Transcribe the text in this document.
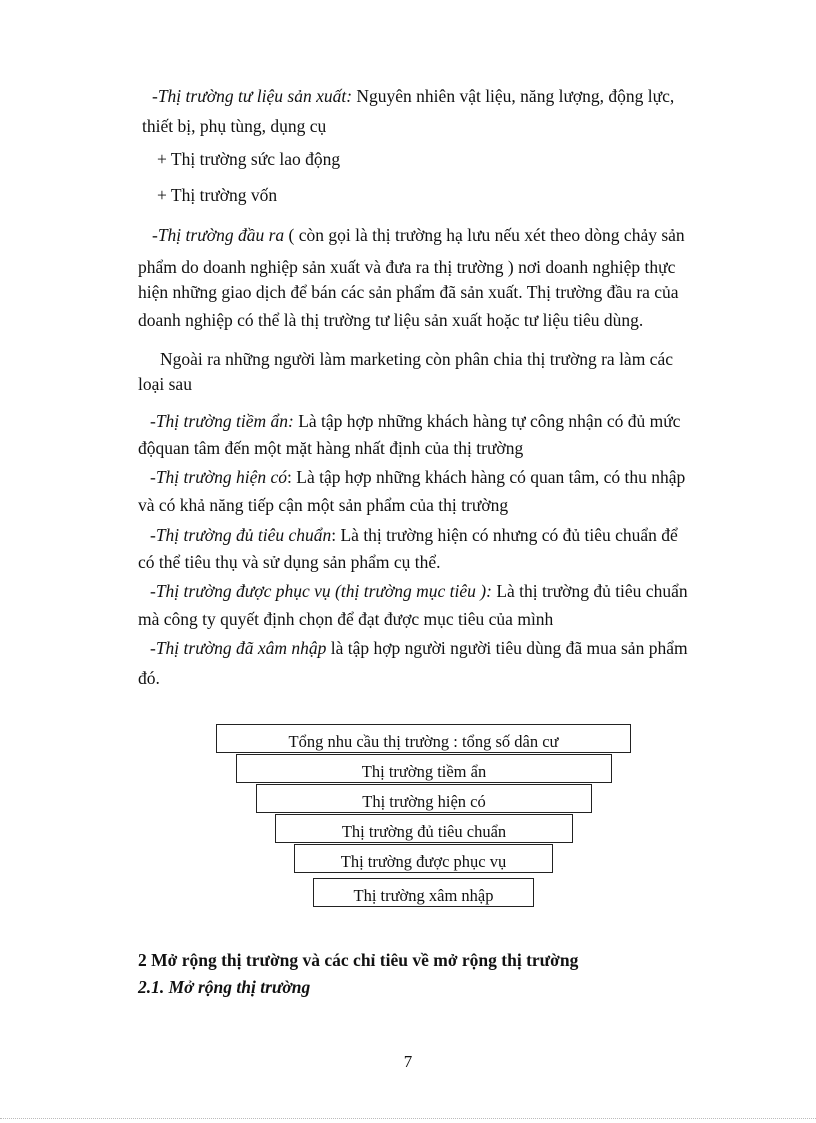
-Thị trường tư liệu sản xuất: Nguyên nhiên vật liệu, năng lượng, động lực,
thiết bị, phụ tùng, dụng cụ
+ Thị trường sức lao động
+ Thị trường vốn
-Thị trường đầu ra ( còn gọi là thị trường hạ lưu nếu xét theo dòng chảy sản
phẩm do doanh nghiệp sản xuất và đưa ra thị trường ) nơi doanh nghiệp thực
hiện những giao dịch để bán các sản phẩm đã sản xuất. Thị trường đầu ra của
doanh nghiệp có thể là thị trường tư liệu sản xuất hoặc tư liệu tiêu dùng.
Ngoài ra những người làm marketing còn phân chia thị trường ra làm các
loại sau
-Thị trường tiềm ẩn: Là tập hợp những khách hàng tự công nhận có đủ mức
độquan tâm đến một mặt hàng nhất định của thị trường
-Thị trường hiện có: Là tập hợp những khách hàng có quan tâm, có thu nhập
và có khả năng tiếp cận một sản phẩm của thị trường
-Thị trường đủ tiêu chuẩn: Là thị trường hiện có nhưng có đủ tiêu chuẩn để
có thể tiêu thụ và sử dụng sản phẩm cụ thể.
-Thị trường được phục vụ (thị trường mục tiêu ): Là thị trường đủ tiêu chuẩn
mà công ty quyết định chọn để đạt được mục tiêu của mình
-Thị trường đã xâm nhập là tập hợp người người tiêu dùng đã mua sản phẩm
đó.
Tổng nhu cầu thị trường : tổng số dân cư
Thị trường tiềm ẩn
Thị trường hiện có
Thị trường đủ tiêu chuẩn
Thị trường được phục vụ
Thị trường xâm nhập
2 Mở rộng thị trường và các chỉ tiêu về mở rộng thị trường
2.1. Mở rộng thị trường
7
